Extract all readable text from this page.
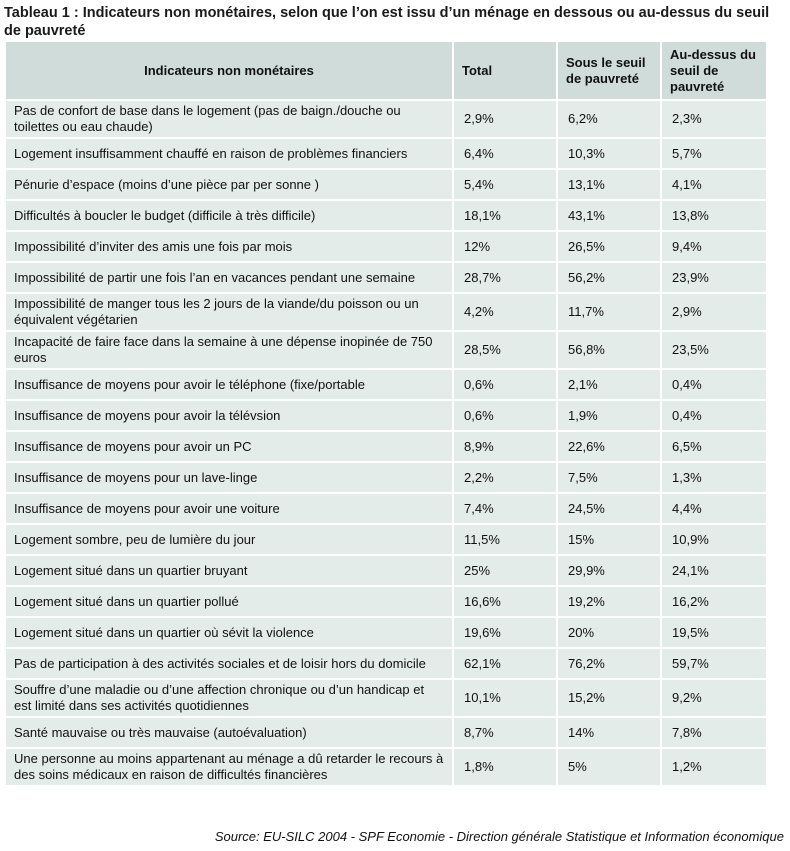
Tableau 1 : Indicateurs non monétaires, selon que l’on est issu d’un ménage en dessous ou au-dessus du seuil de pauvreté
Indicateurs non monétaires	Total	Sous le seuil de pauvreté	Au-dessus du seuil de pauvreté
Pas de confort de base dans le logement (pas de baign./douche ou toilettes ou eau chaude)	2,9%	6,2%	2,3%
Logement insuffisamment chauffé en raison de problèmes financiers	6,4%	10,3%	5,7%
Pénurie d’espace (moins d’une pièce par per sonne )	5,4%	13,1%	4,1%
Difficultés à boucler le budget (difficile à très difficile)	18,1%	43,1%	13,8%
Impossibilité d’inviter des amis une fois par mois	12%	26,5%	9,4%
Impossibilité de partir une fois l’an en vacances pendant une semaine	28,7%	56,2%	23,9%
Impossibilité de manger tous les 2 jours de la viande/du poisson ou un équivalent végétarien	4,2%	11,7%	2,9%
Incapacité de faire face dans la semaine à une dépense inopinée de 750 euros	28,5%	56,8%	23,5%
Insuffisance de moyens pour avoir le téléphone (fixe/portable	0,6%	2,1%	0,4%
Insuffisance de moyens pour avoir la télévsion	0,6%	1,9%	0,4%
Insuffisance de moyens pour avoir un PC	8,9%	22,6%	6,5%
Insuffisance de moyens pour un lave-linge	2,2%	7,5%	1,3%
Insuffisance de moyens pour avoir une voiture	7,4%	24,5%	4,4%
Logement sombre, peu de lumière du jour	11,5%	15%	10,9%
Logement situé dans un quartier bruyant	25%	29,9%	24,1%
Logement situé dans un quartier pollué	16,6%	19,2%	16,2%
Logement situé dans un quartier où sévit la violence	19,6%	20%	19,5%
Pas de participation à des activités sociales et de loisir hors du domicile	62,1%	76,2%	59,7%
Souffre d’une maladie ou d’une affection chronique ou d’un handicap et est limité dans ses activités quotidiennes	10,1%	15,2%	9,2%
Santé mauvaise ou très mauvaise (autoévaluation)	8,7%	14%	7,8%
Une personne au moins appartenant au ménage a dû retarder le recours à des soins médicaux en raison de difficultés financières	1,8%	5%	1,2%
Source: EU-SILC 2004 - SPF Economie - Direction générale Statistique et Information économique
